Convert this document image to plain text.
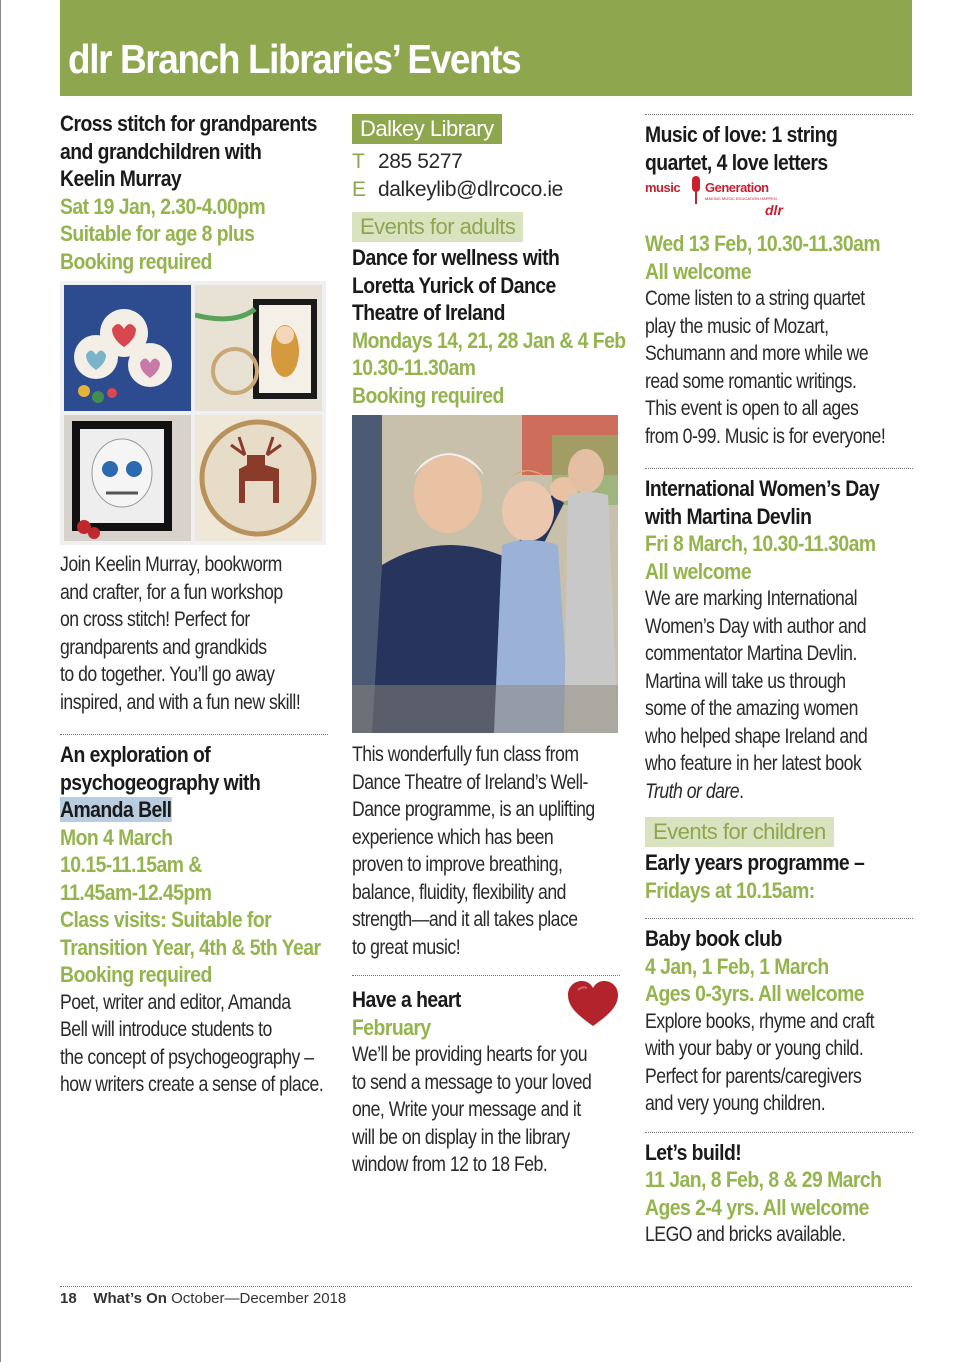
dlr Branch Libraries’ Events
Cross stitch for grandparents
and grandchildren with
Keelin Murray
Sat 19 Jan, 2.30-4.00pm
Suitable for age 8 plus
Booking required
Join Keelin Murray, bookworm
and crafter, for a fun workshop
on cross stitch! Perfect for
grandparents and grandkids
to do together. You’ll go away
inspired, and with a fun new skill!
An exploration of
psychogeography with
Amanda Bell
Mon 4 March
10.15-11.15am &
11.45am-12.45pm
Class visits: Suitable for
Transition Year, 4th & 5th Year
Booking required
Poet, writer and editor, Amanda
Bell will introduce students to
the concept of psychogeography –
how writers create a sense of place.
Dalkey Library
T 285 5277
E dalkeylib@dlrcoco.ie
Events for adults
Dance for wellness with
Loretta Yurick of Dance
Theatre of Ireland
Mondays 14, 21, 28 Jan & 4 Feb
10.30-11.30am
Booking required
This wonderfully fun class from
Dance Theatre of Ireland’s Well-
Dance programme, is an uplifting
experience which has been
proven to improve breathing,
balance, fluidity, flexibility and
strength—and it all takes place
to great music!
Have a heart
February
We’ll be providing hearts for you
to send a message to your loved
one, Write your message and it
will be on display in the library
window from 12 to 18 Feb.
Music of love: 1 string
quartet, 4 love letters
music Generation
MAKING MUSIC EDUCATION HAPPEN
dlr
Wed 13 Feb, 10.30-11.30am
All welcome
Come listen to a string quartet
play the music of Mozart,
Schumann and more while we
read some romantic writings.
This event is open to all ages
from 0-99. Music is for everyone!
International Women’s Day
with Martina Devlin
Fri 8 March, 10.30-11.30am
All welcome
We are marking International
Women’s Day with author and
commentator Martina Devlin.
Martina will take us through
some of the amazing women
who helped shape Ireland and
who feature in her latest book
Truth or dare.
Events for children
Early years programme –
Fridays at 10.15am:
Baby book club
4 Jan, 1 Feb, 1 March
Ages 0-3yrs. All welcome
Explore books, rhyme and craft
with your baby or young child.
Perfect for parents/caregivers
and very young children.
Let’s build!
11 Jan, 8 Feb, 8 & 29 March
Ages 2-4 yrs. All welcome
LEGO and bricks available.
18 What’s On October—December 2018
